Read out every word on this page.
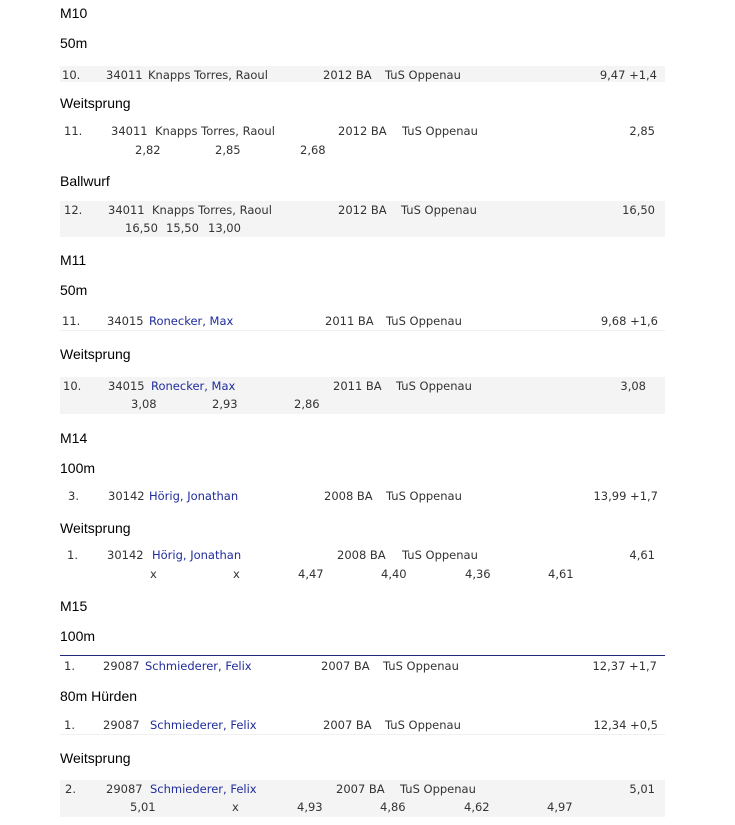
M10
50m
10. 34011 Knapps Torres, Raoul	2012 BA TuS Oppenau	9,47 +1,4
Weitsprung
11. 34011 Knapps Torres, Raoul	2012 BA TuS Oppenau	2,85
2,82	2,85	2,68
Ballwurf
12. 34011 Knapps Torres, Raoul	2012 BA TuS Oppenau	16,50
16,50 15,50 13,00
M11
50m
11. 34015 Ronecker, Max	2011 BA TuS Oppenau	9,68 +1,6
Weitsprung
10. 34015 Ronecker, Max	2011 BA TuS Oppenau	3,08
3,08	2,93	2,86
M14
100m
3.	30142 Hörig, Jonathan	2008 BA TuS Oppenau	13,99 +1,7
Weitsprung
1.	30142 Hörig, Jonathan	2008 BA TuS Oppenau	4,61
x	x	4,47	4,40	4,36	4,61
M15
100m
1. 29087 Schmiederer, Felix	2007 BA TuS Oppenau	12,37 +1,7
80m Hürden
1. 29087 Schmiederer, Felix	2007 BA TuS Oppenau	12,34 +0,5
Weitsprung
2.	29087 Schmiederer, Felix	2007 BA TuS Oppenau	5,01
5,01	x	4,93	4,86	4,62	4,97
